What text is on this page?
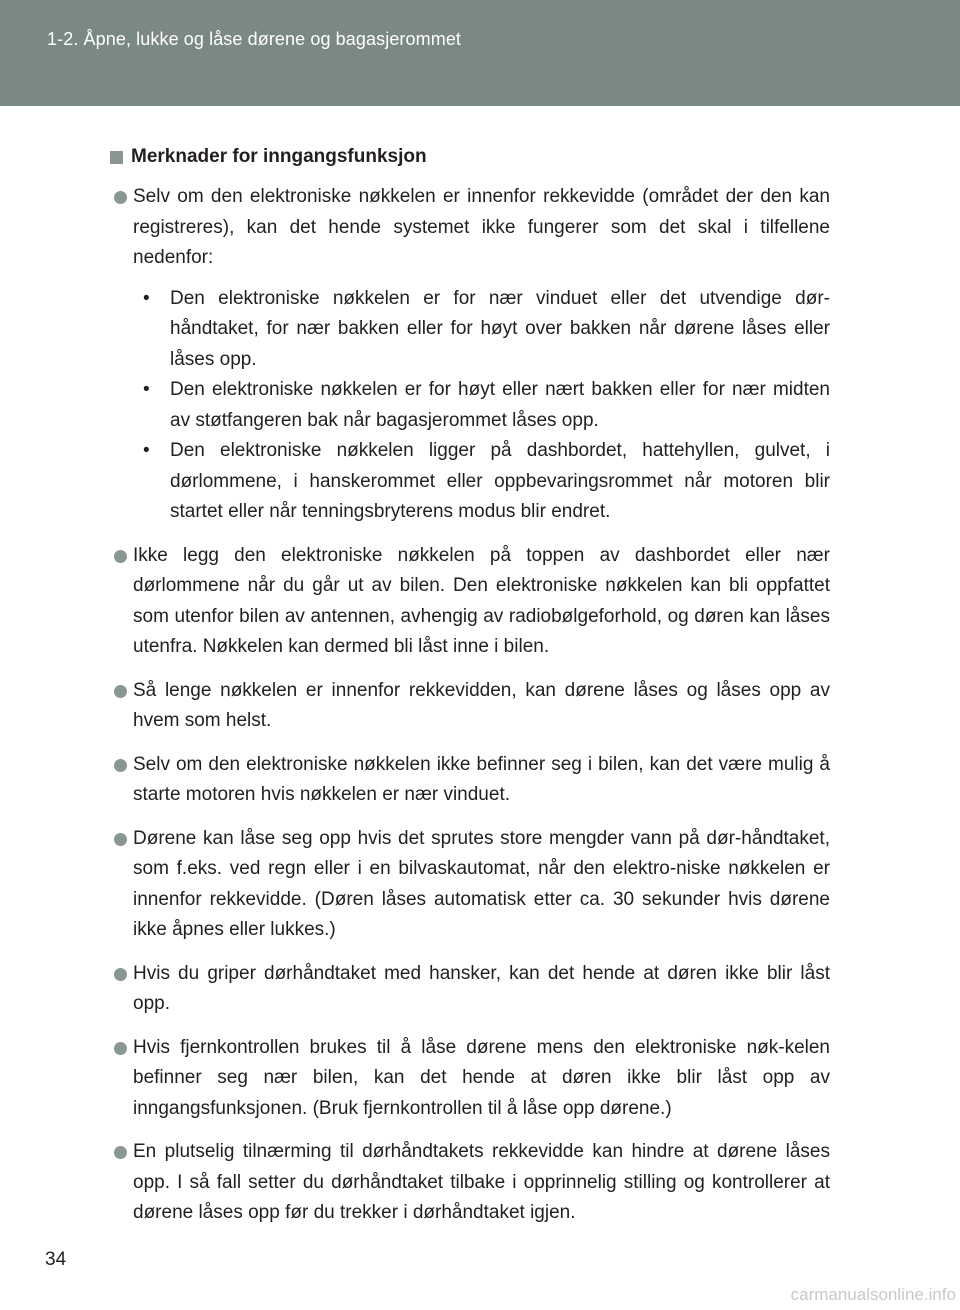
1-2. Åpne, lukke og låse dørene og bagasjerommet
Merknader for inngangsfunksjon
Selv om den elektroniske nøkkelen er innenfor rekkevidde (området der den kan registreres), kan det hende systemet ikke fungerer som det skal i tilfellene nedenfor:
• Den elektroniske nøkkelen er for nær vinduet eller det utvendige dør-håndtaket, for nær bakken eller for høyt over bakken når dørene låses eller låses opp.
• Den elektroniske nøkkelen er for høyt eller nært bakken eller for nær midten av støtfangeren bak når bagasjerommet låses opp.
• Den elektroniske nøkkelen ligger på dashbordet, hattehyllen, gulvet, i dørlommene, i hanskerommet eller oppbevaringsrommet når motoren blir startet eller når tenningsbryterens modus blir endret.
Ikke legg den elektroniske nøkkelen på toppen av dashbordet eller nær dørlommene når du går ut av bilen. Den elektroniske nøkkelen kan bli oppfattet som utenfor bilen av antennen, avhengig av radiobølgeforhold, og døren kan låses utenfra. Nøkkelen kan dermed bli låst inne i bilen.
Så lenge nøkkelen er innenfor rekkevidden, kan dørene låses og låses opp av hvem som helst.
Selv om den elektroniske nøkkelen ikke befinner seg i bilen, kan det være mulig å starte motoren hvis nøkkelen er nær vinduet.
Dørene kan låse seg opp hvis det sprutes store mengder vann på dør-håndtaket, som f.eks. ved regn eller i en bilvaskautomat, når den elektro-niske nøkkelen er innenfor rekkevidde. (Døren låses automatisk etter ca. 30 sekunder hvis dørene ikke åpnes eller lukkes.)
Hvis du griper dørhåndtaket med hansker, kan det hende at døren ikke blir låst opp.
Hvis fjernkontrollen brukes til å låse dørene mens den elektroniske nøk-kelen befinner seg nær bilen, kan det hende at døren ikke blir låst opp av inngangsfunksjonen. (Bruk fjernkontrollen til å låse opp dørene.)
En plutselig tilnærming til dørhåndtakets rekkevidde kan hindre at dørene låses opp. I så fall setter du dørhåndtaket tilbake i opprinnelig stilling og kontrollerer at dørene låses opp før du trekker i dørhåndtaket igjen.
34
carmanualsonline.info
